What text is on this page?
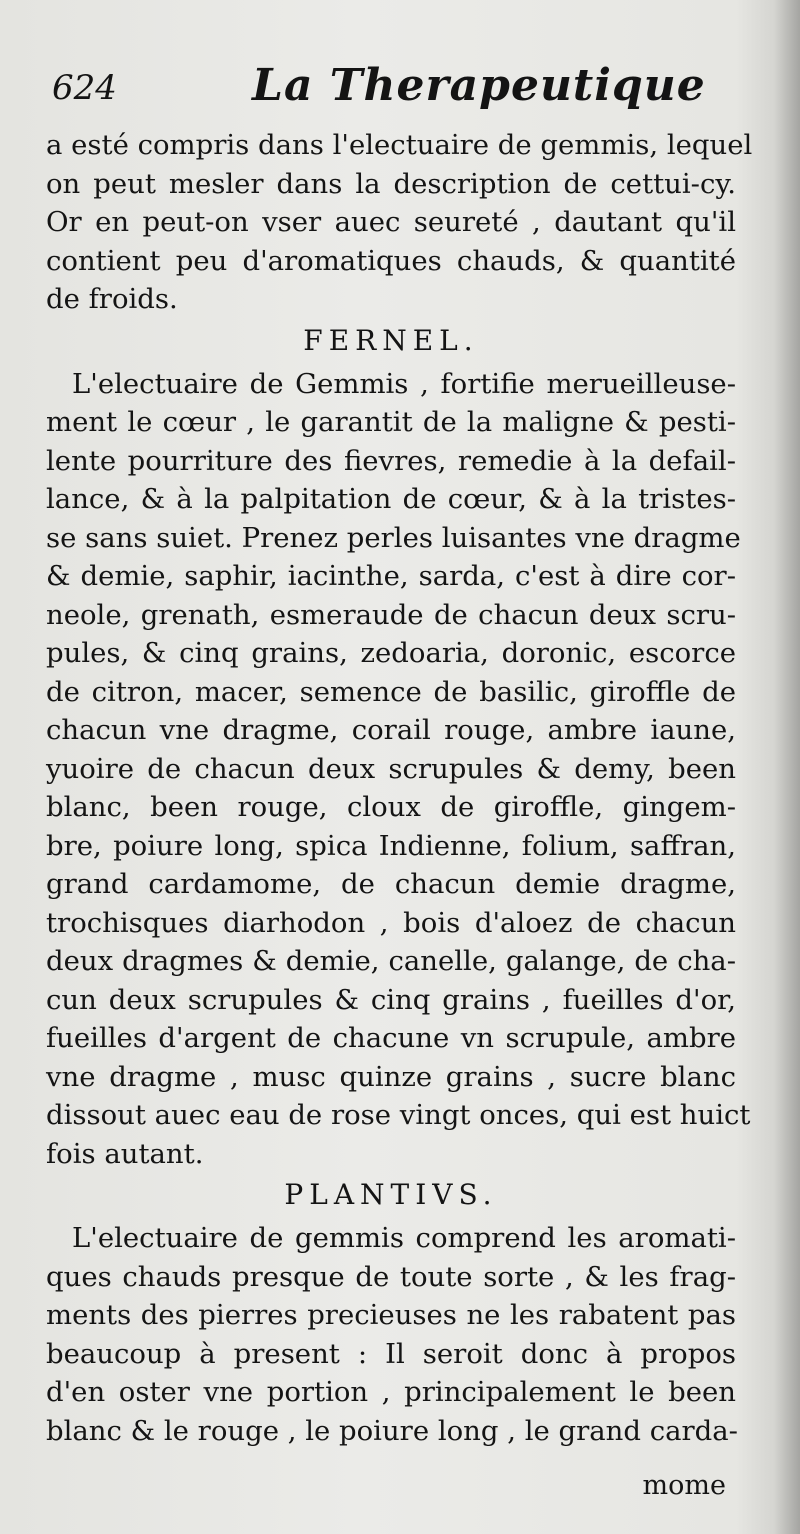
624	La Therapeutique
a esté compris dans l'electuaire de gemmis, lequel
on peut mesler dans la description de cettui-cy.
Or en peut-on vser auec seureté , dautant qu'il
contient peu d'aromatiques chauds, & quantité
de froids.
FERNEL.
L'electuaire de Gemmis , fortifie merueilleuse-
ment le cœur , le garantit de la maligne & pesti-
lente pourriture des fievres, remedie à la defail-
lance, & à la palpitation de cœur, & à la tristes-
se sans suiet. Prenez perles luisantes vne dragme
& demie, saphir, iacinthe, sarda, c'est à dire cor-
neole, grenath, esmeraude de chacun deux scru-
pules, & cinq grains, zedoaria, doronic, escorce
de citron, macer, semence de basilic, giroffle de
chacun vne dragme, corail rouge, ambre iaune,
yuoire de chacun deux scrupules & demy, been
blanc, been rouge, cloux de giroffle, gingem-
bre, poiure long, spica Indienne, folium, saffran,
grand cardamome, de chacun demie dragme,
trochisques diarhodon , bois d'aloez de chacun
deux dragmes & demie, canelle, galange, de cha-
cun deux scrupules & cinq grains , fueilles d'or,
fueilles d'argent de chacune vn scrupule, ambre
vne dragme , musc quinze grains , sucre blanc
dissout auec eau de rose vingt onces, qui est huict
fois autant.
PLANTIVS.
L'electuaire de gemmis comprend les aromati-
ques chauds presque de toute sorte , & les frag-
ments des pierres precieuses ne les rabatent pas
beaucoup à present : Il seroit donc à propos
d'en oster vne portion , principalement le been
blanc & le rouge , le poiure long , le grand carda-
mome
